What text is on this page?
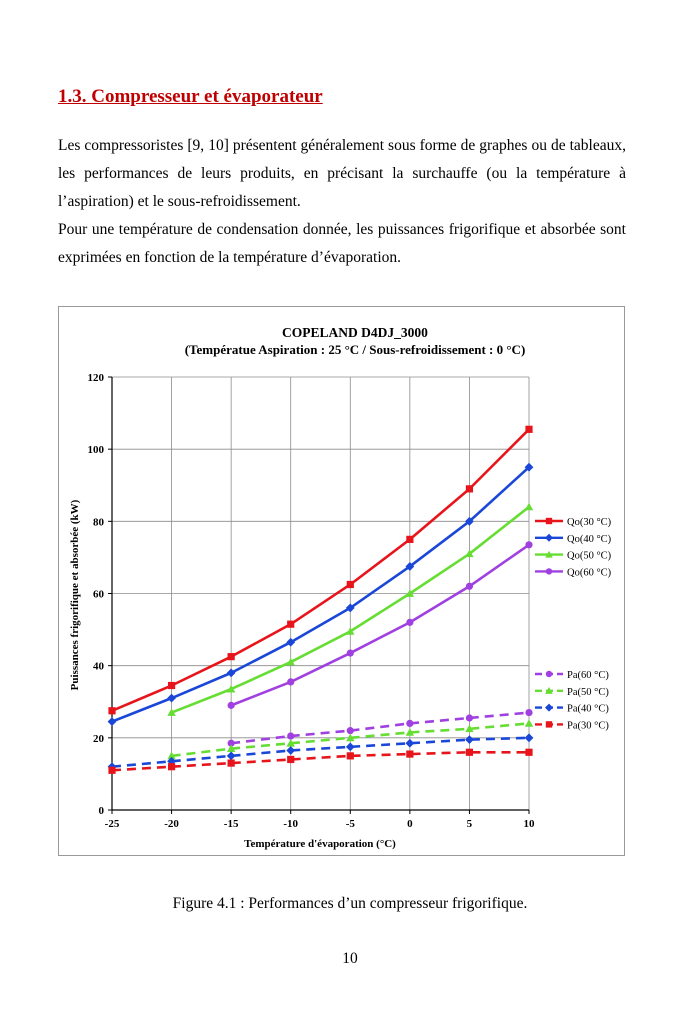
1.3. Compresseur et évaporateur
Les compressoristes [9, 10] présentent généralement sous forme de graphes ou de tableaux, les performances de leurs produits, en précisant la surchauffe (ou la température à l’aspiration) et le sous-refroidissement.
Pour une température de condensation donnée, les puissances frigorifique et absorbée sont exprimées en fonction de la température d’évaporation.
COPELAND D4DJ_3000
(Températue Aspiration : 25 °C / Sous-refroidissement : 0 °C)
0
20
40
60
80
100
120
-25	-20	-15	-10	-5	0	5	10
Qo(30 °C)
Qo(40 °C)
Qo(50 °C)
Qo(60 °C)
Pa(60 °C)
Pa(50 °C)
Pa(40 °C)
Pa(30 °C)
Température d'évaporation (°C)
Puissances frigorifique et absorbée (kW)
Figure 4.1 : Performances d’un compresseur frigorifique.
10
